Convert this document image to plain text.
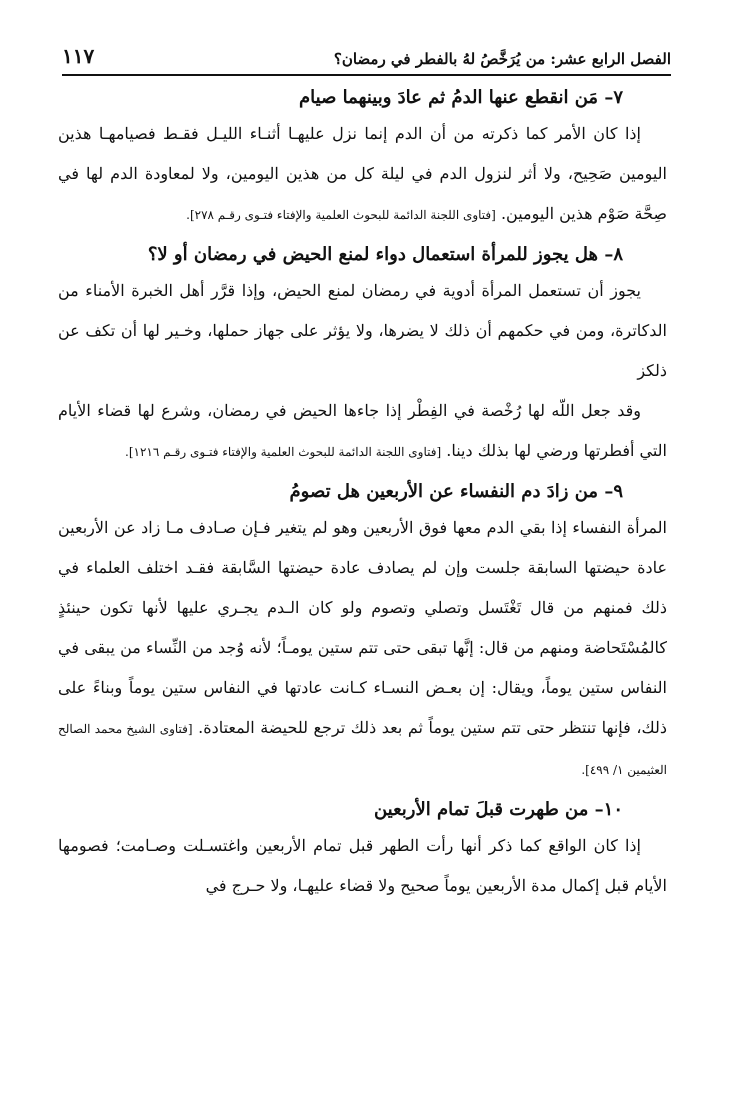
الفصل الرابع عشر: من يُرَخَّصُ لهُ بالفطر في رمضان؟
١١٧
٧– مَن انقطع عنها الدمُ ثم عادَ وبينهما صيام

إذا كان الأمر كما ذكرته من أن الدم إنما نزل عليهـا أثنـاء الليـل فقـط فصيامهـا هذين اليومين صَحِيح، ولا أثر لنزول الدم في ليلة كل من هذين اليومين، ولا لمعاودة الدم لها في صِحَّة صَوْم هذين اليومين. [فتاوى اللجنة الدائمة للبحوث العلمية والإفتاء فتـوى رقـم ٢٧٨].

٨– هل يجوز للمرأة استعمال دواء لمنع الحيض في رمضان أو لا؟

يجوز أن تستعمل المرأة أدوية في رمضان لمنع الحيض، وإذا قرَّر أهل الخبرة الأمناء من الدكاترة، ومن في حكمهم أن ذلك لا يضرها، ولا يؤثر على جهاز حملها، وخـير لها أن تكف عن ذلكز

وقد جعل اللّه لها رُخْصة في الفِطْر إذا جاءها الحيض في رمضان، وشرع لها قضاء الأيام التي أفطرتها ورضي لها بذلك دينا. [فتاوى اللجنة الدائمة للبحوث العلمية والإفتاء فتـوى رقـم ١٢١٦].

٩– من زادَ دم النفساء عن الأربعين هل تصومُ

المرأة النفساء إذا بقي الدم معها فوق الأربعين وهو لم يتغير فـإن صـادف مـا زاد عن الأربعين عادة حيضتها السابقة جلست وإن لم يصادف عادة حيضتها السَّابقة فقـد اختلف العلماء في ذلك فمنهم من قال تَغْتَسل وتصلي وتصوم ولو كان الـدم يجـري عليها لأنها تكون حينئذٍ كالمُسْتَحاضة ومنهم من قال: إنَّها تبقى حتى تتم ستين يومـاً؛ لأنه وُجد من النِّساء من يبقى في النفاس ستين يوماً، ويقال: إن بعـض النسـاء كـانت عادتها في النفاس ستين يوماً وبناءً على ذلك، فإنها تنتظر حتى تتم ستين يوماً ثم بعد ذلك ترجع للحيضة المعتادة. [فتاوى الشيخ محمد الصالح العثيمين ١/ ٤٩٩].

١٠– من طهرت قبلَ تمام الأربعين

إذا كان الواقع كما ذكر أنها رأت الطهر قبل تمام الأربعين واغتسـلت وصـامت؛ فصومها الأيام قبل إكمال مدة الأربعين يوماً صحيح ولا قضاء عليهـا، ولا حـرج في
